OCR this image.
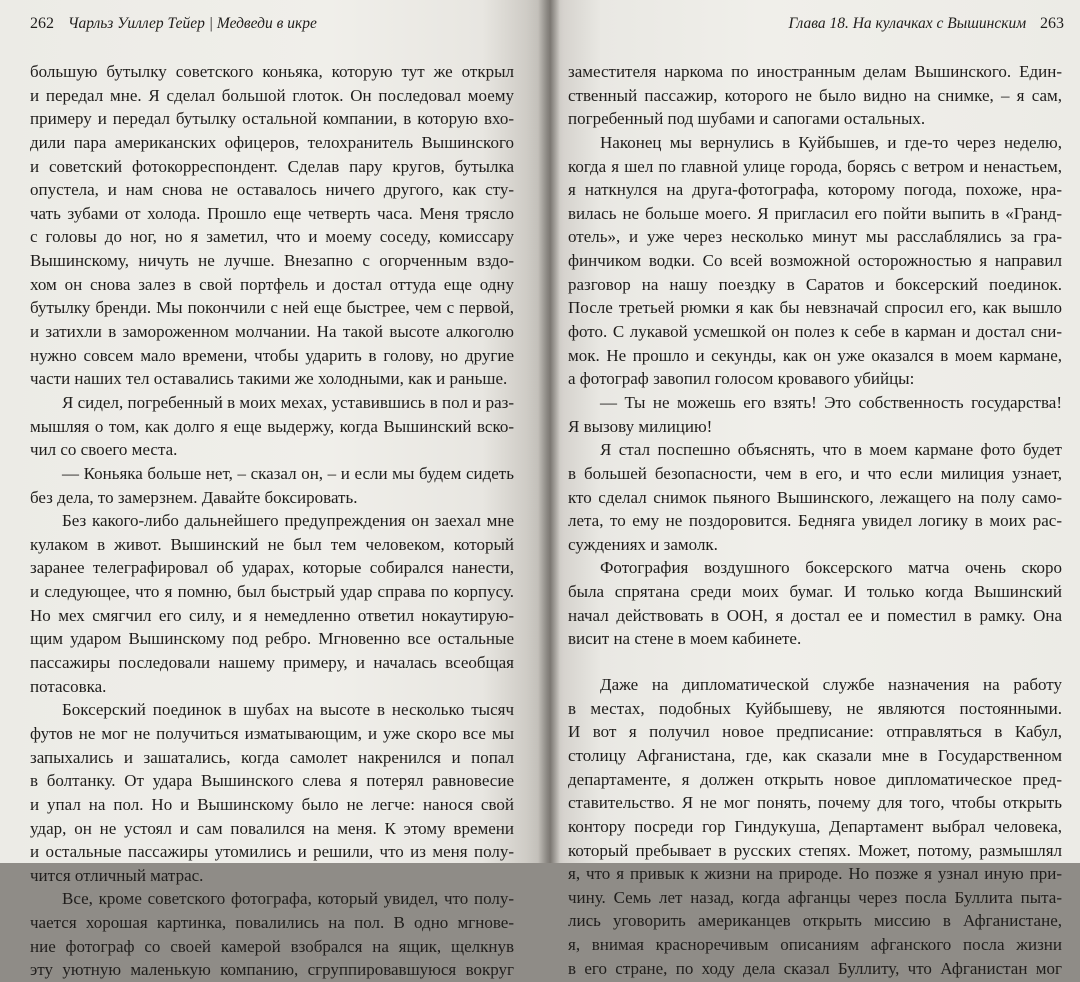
262 Чарльз Уиллер Тейер | Медведи в икре
большую бутылку советского коньяка, которую тут же открыл
и передал мне. Я сделал большой глоток. Он последовал моему
примеру и передал бутылку остальной компании, в которую вхо-
дили пара американских офицеров, телохранитель Вышинского
и советский фотокорреспондент. Сделав пару кругов, бутылка
опустела, и нам снова не оставалось ничего другого, как сту-
чать зубами от холода. Прошло еще четверть часа. Меня трясло
с головы до ног, но я заметил, что и моему соседу, комиссару
Вышинскому, ничуть не лучше. Внезапно с огорченным вздо-
хом он снова залез в свой портфель и достал оттуда еще одну
бутылку бренди. Мы покончили с ней еще быстрее, чем с первой,
и затихли в замороженном молчании. На такой высоте алкоголю
нужно совсем мало времени, чтобы ударить в голову, но другие
части наших тел оставались такими же холодными, как и раньше.
Я сидел, погребенный в моих мехах, уставившись в пол и раз-
мышляя о том, как долго я еще выдержу, когда Вышинский вско-
чил со своего места.
— Коньяка больше нет, – сказал он, – и если мы будем сидеть
без дела, то замерзнем. Давайте боксировать.
Без какого-либо дальнейшего предупреждения он заехал мне
кулаком в живот. Вышинский не был тем человеком, который
заранее телеграфировал об ударах, которые собирался нанести,
и следующее, что я помню, был быстрый удар справа по корпусу.
Но мех смягчил его силу, и я немедленно ответил нокаутирую-
щим ударом Вышинскому под ребро. Мгновенно все остальные
пассажиры последовали нашему примеру, и началась всеобщая
потасовка.
Боксерский поединок в шубах на высоте в несколько тысяч
футов не мог не получиться изматывающим, и уже скоро все мы
запыхались и зашатались, когда самолет накренился и попал
в болтанку. От удара Вышинского слева я потерял равновесие
и упал на пол. Но и Вышинскому было не легче: нанося свой
удар, он не устоял и сам повалился на меня. К этому времени
и остальные пассажиры утомились и решили, что из меня полу-
чится отличный матрас.
Все, кроме советского фотографа, который увидел, что полу-
чается хорошая картинка, повалились на пол. В одно мгнове-
ние фотограф со своей камерой взобрался на ящик, щелкнув
эту уютную маленькую компанию, сгруппировавшуюся вокруг
Глава 18. На кулачках с Вышинским 263
заместителя наркома по иностранным делам Вышинского. Един-
ственный пассажир, которого не было видно на снимке, – я сам,
погребенный под шубами и сапогами остальных.
Наконец мы вернулись в Куйбышев, и где-то через неделю,
когда я шел по главной улице города, борясь с ветром и ненастьем,
я наткнулся на друга-фотографа, которому погода, похоже, нра-
вилась не больше моего. Я пригласил его пойти выпить в «Гранд-
отель», и уже через несколько минут мы расслаблялись за гра-
финчиком водки. Со всей возможной осторожностью я направил
разговор на нашу поездку в Саратов и боксерский поединок.
После третьей рюмки я как бы невзначай спросил его, как вышло
фото. С лукавой усмешкой он полез к себе в карман и достал сни-
мок. Не прошло и секунды, как он уже оказался в моем кармане,
а фотограф завопил голосом кровавого убийцы:
— Ты не можешь его взять! Это собственность государства!
Я вызову милицию!
Я стал поспешно объяснять, что в моем кармане фото будет
в большей безопасности, чем в его, и что если милиция узнает,
кто сделал снимок пьяного Вышинского, лежащего на полу само-
лета, то ему не поздоровится. Бедняга увидел логику в моих рас-
суждениях и замолк.
Фотография воздушного боксерского матча очень скоро
была спрятана среди моих бумаг. И только когда Вышинский
начал действовать в ООН, я достал ее и поместил в рамку. Она
висит на стене в моем кабинете.
Даже на дипломатической службе назначения на работу
в местах, подобных Куйбышеву, не являются постоянными.
И вот я получил новое предписание: отправляться в Кабул,
столицу Афганистана, где, как сказали мне в Государственном
департаменте, я должен открыть новое дипломатическое пред-
ставительство. Я не мог понять, почему для того, чтобы открыть
контору посреди гор Гиндукуша, Департамент выбрал человека,
который пребывает в русских степях. Может, потому, размышлял
я, что я привык к жизни на природе. Но позже я узнал иную при-
чину. Семь лет назад, когда афганцы через посла Буллита пыта-
лись уговорить американцев открыть миссию в Афганистане,
я, внимая красноречивым описаниям афганского посла жизни
в его стране, по ходу дела сказал Буллиту, что Афганистан мог
